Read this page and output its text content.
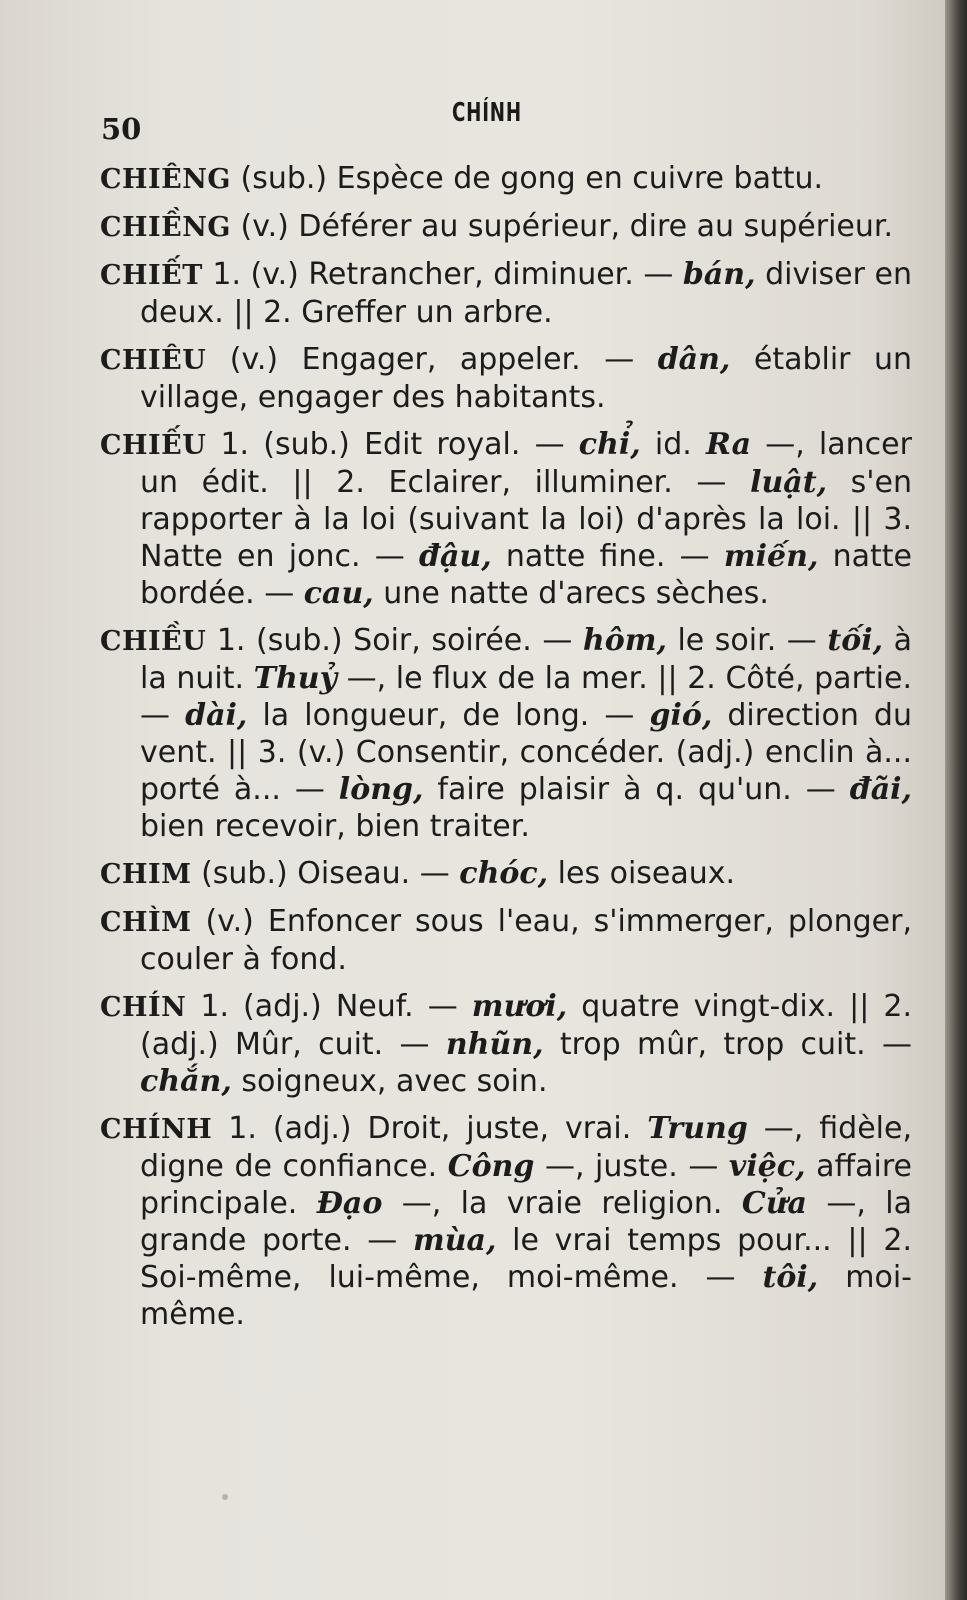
50	CHÍNH

CHIÊNG (sub.) Espèce de gong en cuivre battu.

CHIỀNG (v.) Déférer au supérieur, dire au supérieur.

CHIẾT 1. (v.) Retrancher, diminuer. — bán, diviser en deux. || 2. Greffer un arbre.

CHIÊU (v.) Engager, appeler. — dân, établir un village, engager des habitants.

CHIẾU 1. (sub.) Edit royal. — chỉ, id. Ra —, lancer un édit. || 2. Eclairer, illuminer. — luật, s'en rapporter à la loi (suivant la loi) d'après la loi. || 3. Natte en jonc. — đậu, natte fine. — miến, natte bordée. — cau, une natte d'arecs sèches.

CHIỀU 1. (sub.) Soir, soirée. — hôm, le soir. — tối, à la nuit. Thuỷ —, le flux de la mer. || 2. Côté, partie. — dài, la longueur, de long. — gió, direction du vent. || 3. (v.) Consentir, concéder. (adj.) enclin à... porté à... — lòng, faire plaisir à q. qu'un. — đãi, bien recevoir, bien traiter.

CHIM (sub.) Oiseau. — chóc, les oiseaux.

CHÌM (v.) Enfoncer sous l'eau, s'immerger, plonger, couler à fond.

CHÍN 1. (adj.) Neuf. — mươi, quatre vingt-dix. || 2. (adj.) Mûr, cuit. — nhũn, trop mûr, trop cuit. — chắn, soigneux, avec soin.

CHÍNH 1. (adj.) Droit, juste, vrai. Trung —, fidèle, digne de confiance. Công —, juste. — việc, affaire principale. Đạo —, la vraie religion. Cửa —, la grande porte. — mùa, le vrai temps pour... || 2. Soi-même, lui-même, moi-même. — tôi, moi-même.
